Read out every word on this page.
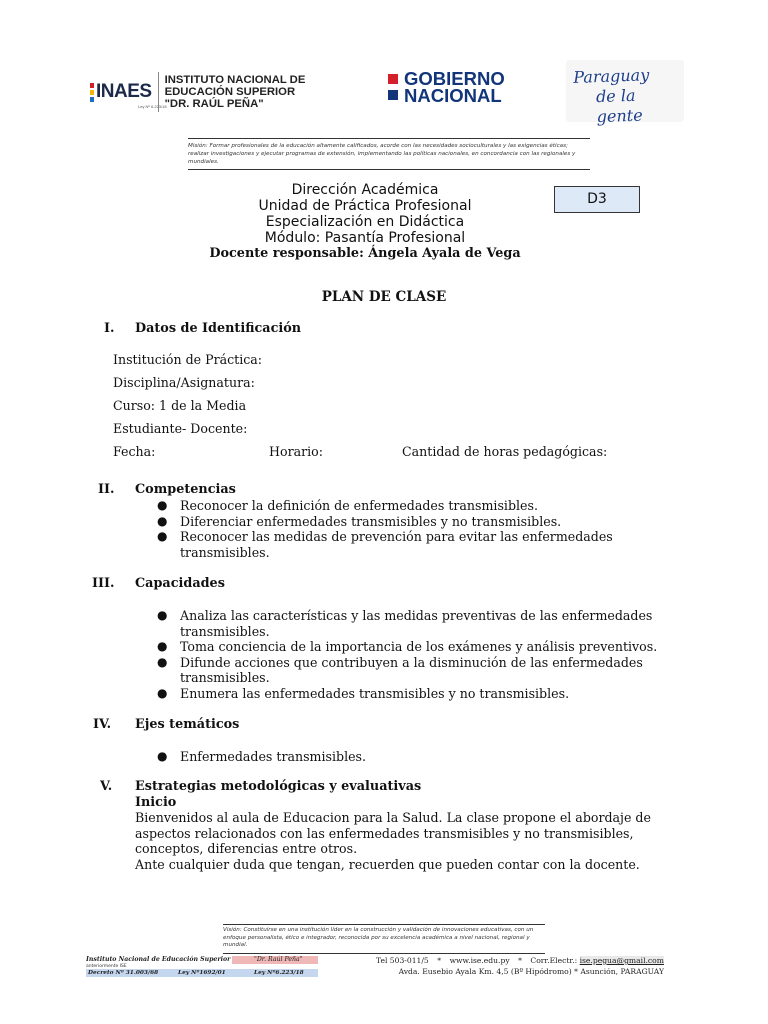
INAES
Ley Nº 6.223/18
INSTITUTO NACIONAL DE
EDUCACIÓN SUPERIOR
"DR. RAÚL PEÑA"
GOBIERNO
NACIONAL
Paraguay
de la gente
Misión: Formar profesionales de la educación altamente calificados, acorde con las necesidades socioculturales y las exigencias éticas; realizar investigaciones y ejecutar programas de extensión, implementando las políticas nacionales, en concordancia con las regionales y mundiales.
Dirección Académica
Unidad de Práctica Profesional
Especialización en Didáctica
Módulo: Pasantía Profesional
Docente responsable: Ángela Ayala de Vega
D3
PLAN DE CLASE
I. Datos de Identificación
Institución de Práctica:
Disciplina/Asignatura:
Curso: 1 de la Media
Estudiante- Docente:
Fecha:	Horario:	Cantidad de horas pedagógicas:
II. Competencias
● Reconocer la definición de enfermedades transmisibles.
● Diferenciar enfermedades transmisibles y no transmisibles.
● Reconocer las medidas de prevención para evitar las enfermedades transmisibles.
III. Capacidades
● Analiza las características y las medidas preventivas de las enfermedades transmisibles.
● Toma conciencia de la importancia de los exámenes y análisis preventivos.
● Difunde acciones que contribuyen a la disminución de las enfermedades transmisibles.
● Enumera las enfermedades transmisibles y no transmisibles.
IV. Ejes temáticos
● Enfermedades transmisibles.
V. Estrategias metodológicas y evaluativas
Inicio
Bienvenidos al aula de Educacion para la Salud. La clase propone el abordaje de aspectos relacionados con las enfermedades transmisibles y no transmisibles, conceptos, diferencias entre otros.
Ante cualquier duda que tengan, recuerden que pueden contar con la docente.
Visión: Constituirse en una institución líder en la construcción y validación de innovaciones educativas, con un enfoque personalista, ético e integrador, reconocida por su excelencia académica a nivel nacional, regional y mundial.
Instituto Nacional de Educación Superior	"Dr. Raúl Peña"
anteriormente ISE
Decreto Nº 31.003/68	Ley Nº1692/01	Ley Nº6.223/18
Tel 503-011/5 * www.ise.edu.py * Corr.Electr.: ise.pegua@gmail.com
Avda. Eusebio Ayala Km. 4,5 (Bº Hipódromo) * Asunción, PARAGUAY
